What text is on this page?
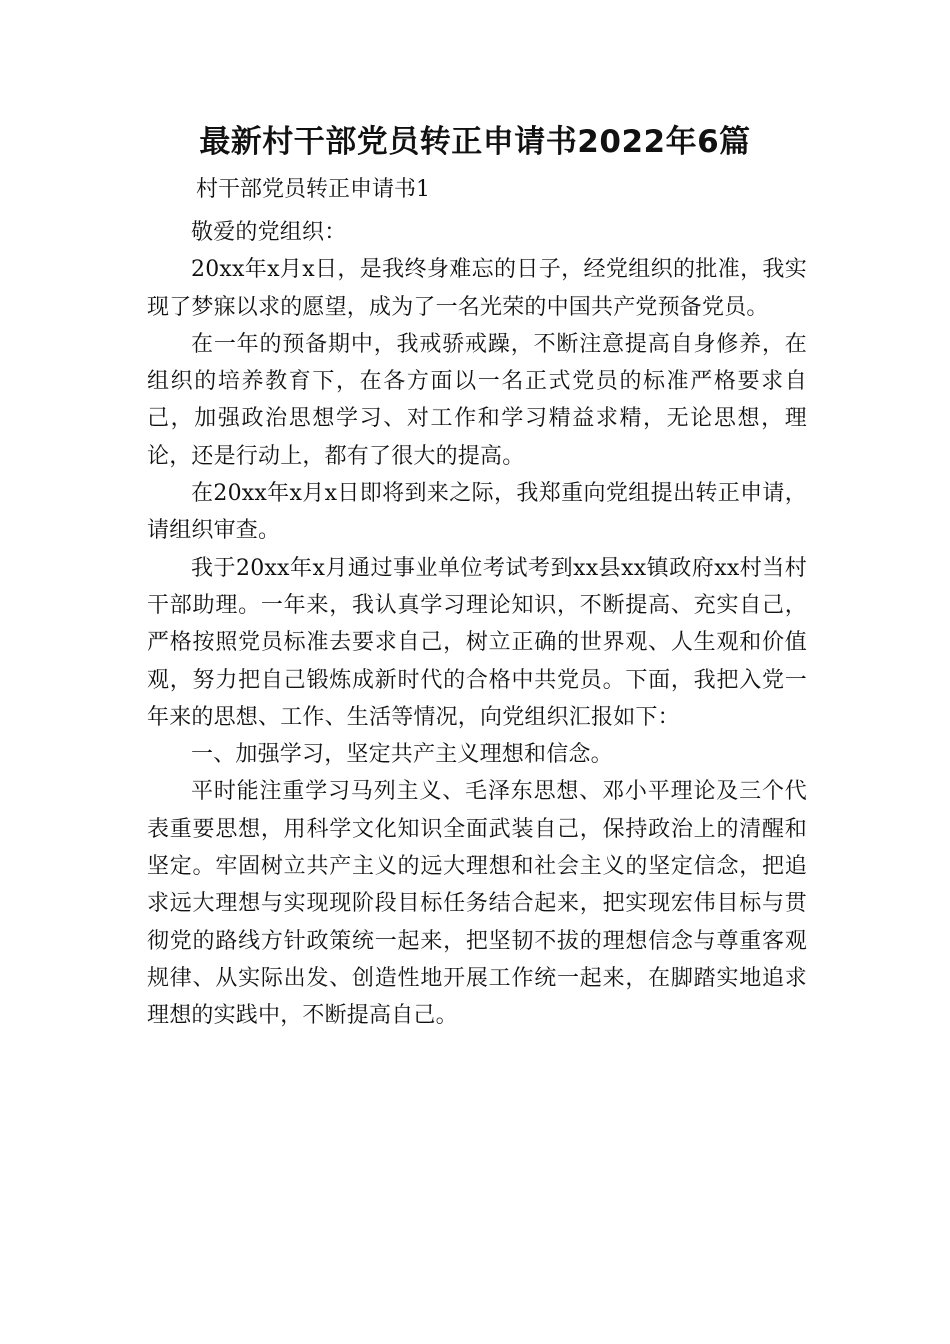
最新村干部党员转正申请书2022年6篇
村干部党员转正申请书1

敬爱的党组织：

20xx年x月x日，是我终身难忘的日子，经党组织的批准，我实现了梦寐以求的愿望，成为了一名光荣的中国共产党预备党员。

在一年的预备期中，我戒骄戒躁，不断注意提高自身修养，在组织的培养教育下，在各方面以一名正式党员的标准严格要求自己，加强政治思想学习、对工作和学习精益求精，无论思想，理论，还是行动上，都有了很大的提高。

在20xx年x月x日即将到来之际，我郑重向党组提出转正申请，请组织审查。

我于20xx年x月通过事业单位考试考到xx县xx镇政府xx村当村干部助理。一年来，我认真学习理论知识，不断提高、充实自己，严格按照党员标准去要求自己，树立正确的世界观、人生观和价值观，努力把自己锻炼成新时代的合格中共党员。下面，我把入党一年来的思想、工作、生活等情况，向党组织汇报如下：

一、加强学习，坚定共产主义理想和信念。

平时能注重学习马列主义、毛泽东思想、邓小平理论及三个代表重要思想，用科学文化知识全面武装自己，保持政治上的清醒和坚定。牢固树立共产主义的远大理想和社会主义的坚定信念，把追求远大理想与实现现阶段目标任务结合起来，把实现宏伟目标与贯彻党的路线方针政策统一起来，把坚韧不拔的理想信念与尊重客观规律、从实际出发、创造性地开展工作统一起来，在脚踏实地追求理想的实践中，不断提高自己。
